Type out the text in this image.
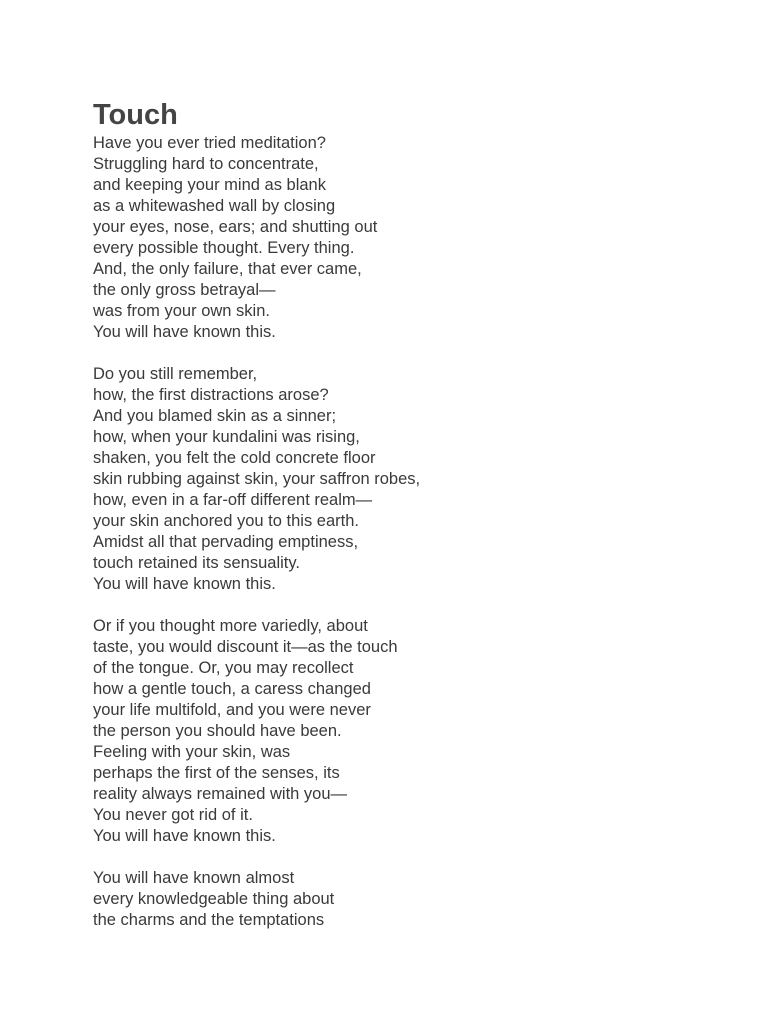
Touch

Have you ever tried meditation?
Struggling hard to concentrate,
and keeping your mind as blank
as a whitewashed wall by closing
your eyes, nose, ears; and shutting out
every possible thought. Every thing.
And, the only failure, that ever came,
the only gross betrayal—
was from your own skin.
You will have known this.

Do you still remember,
how, the first distractions arose?
And you blamed skin as a sinner;
how, when your kundalini was rising,
shaken, you felt the cold concrete floor
skin rubbing against skin, your saffron robes,
how, even in a far-off different realm—
your skin anchored you to this earth.
Amidst all that pervading emptiness,
touch retained its sensuality.
You will have known this.

Or if you thought more variedly, about
taste, you would discount it—as the touch
of the tongue. Or, you may recollect
how a gentle touch, a caress changed
your life multifold, and you were never
the person you should have been.
Feeling with your skin, was
perhaps the first of the senses, its
reality always remained with you—
You never got rid of it.
You will have known this.

You will have known almost
every knowledgeable thing about
the charms and the temptations
